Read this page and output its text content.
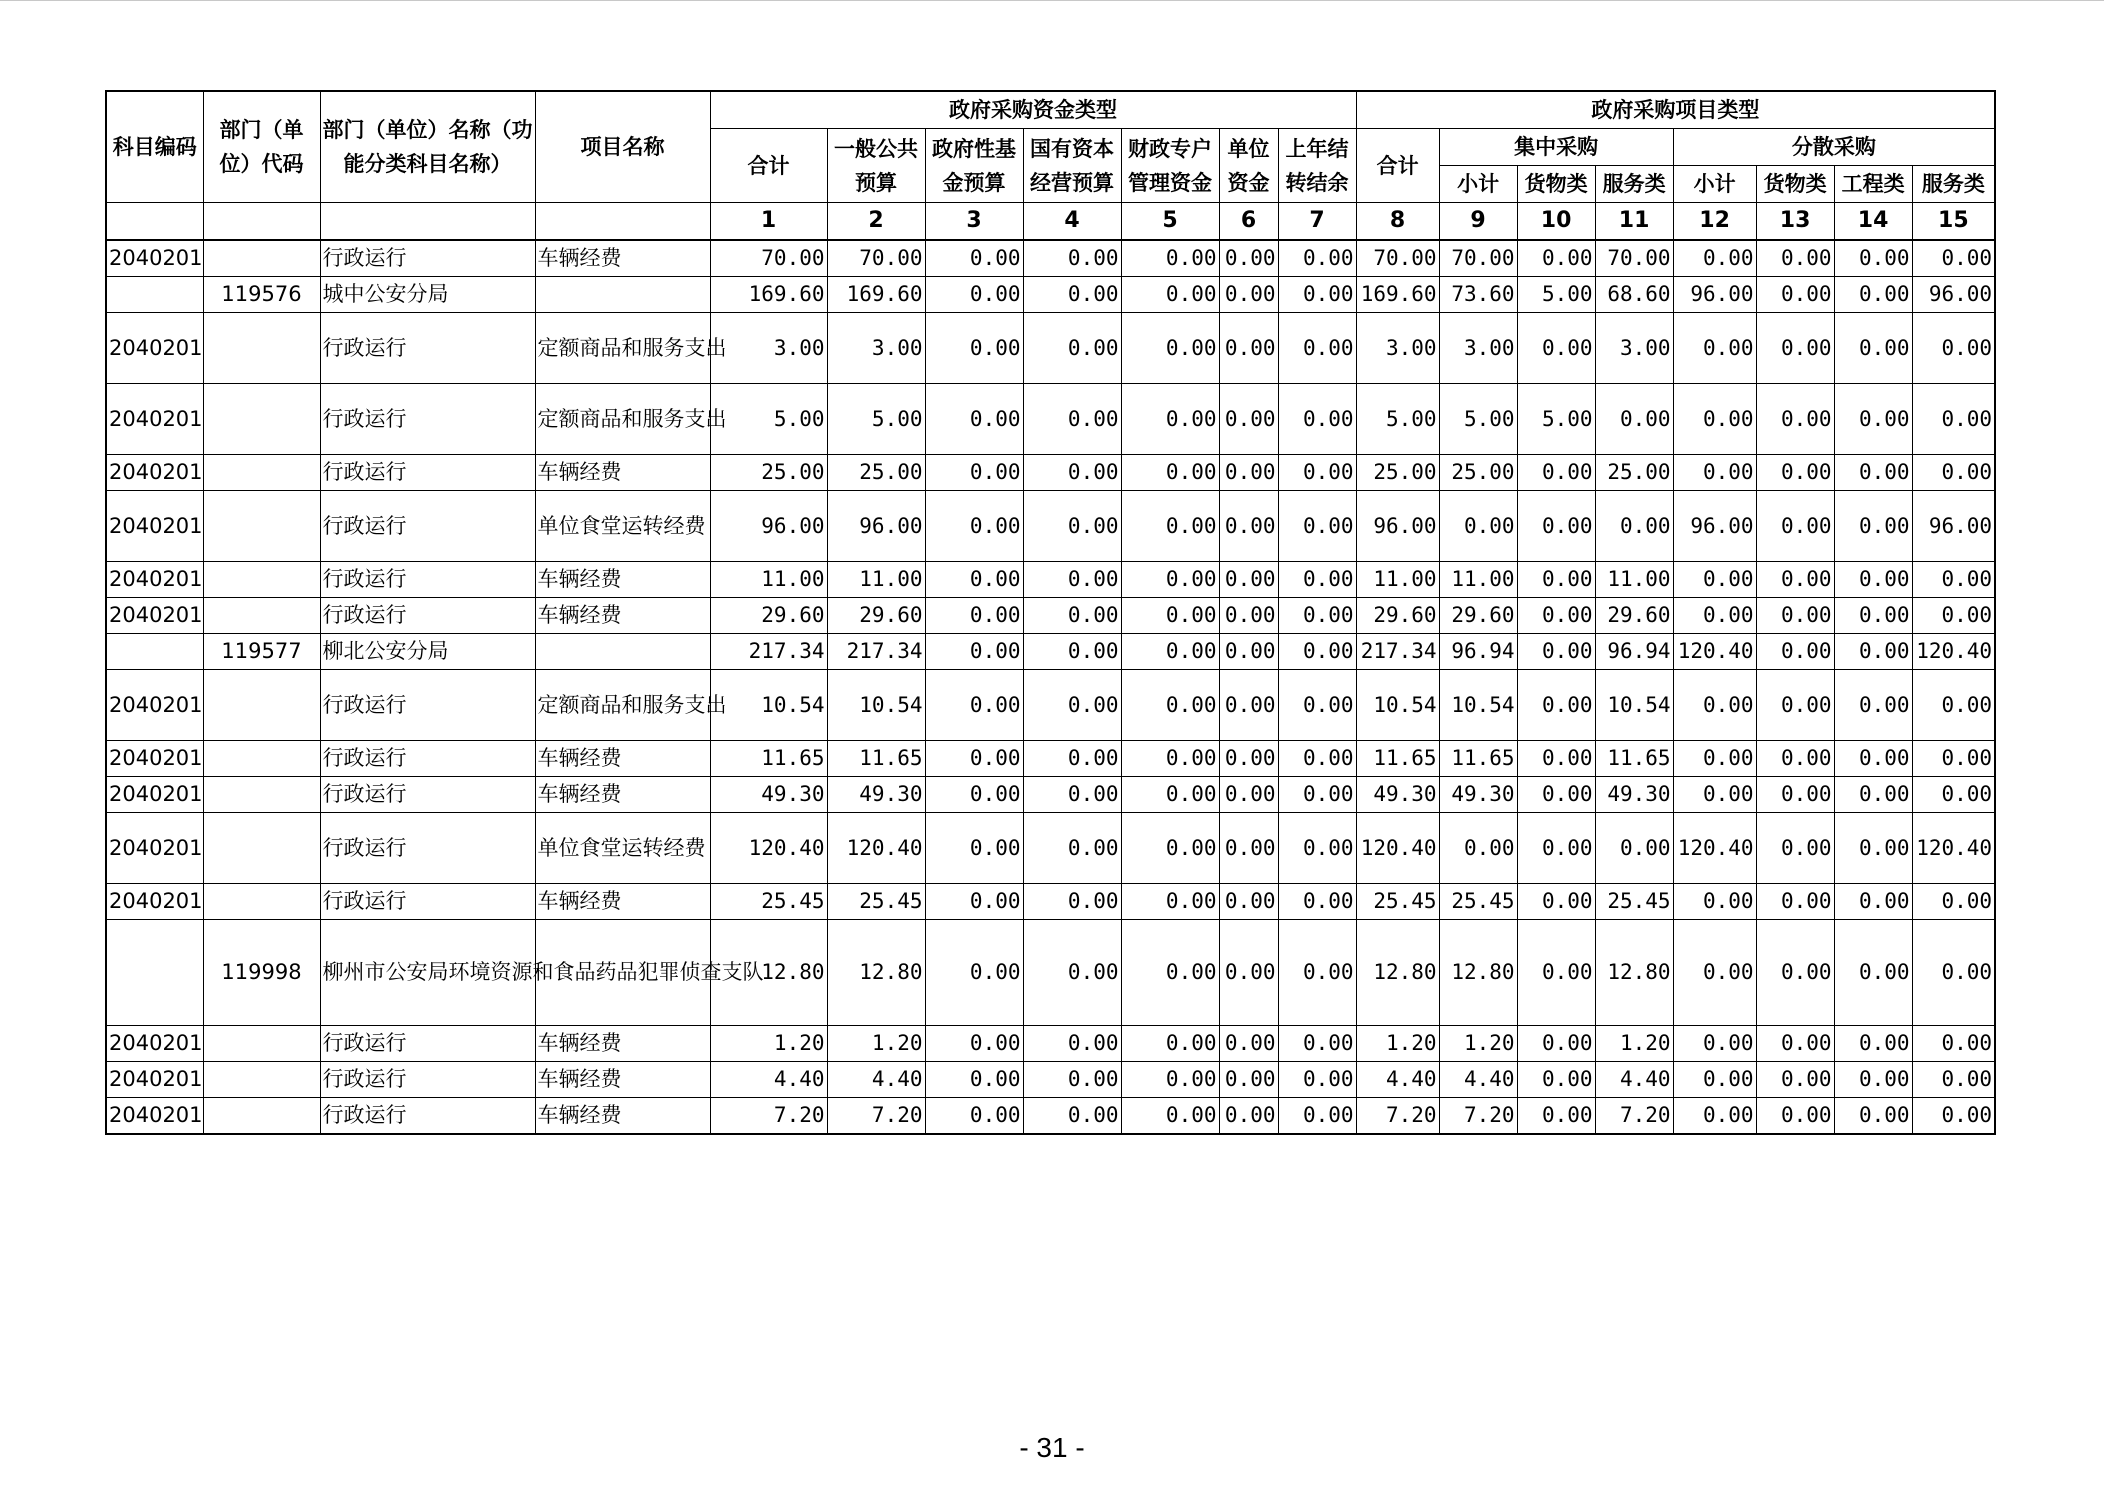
科目编码	部门（单位）代码	部门（单位）名称（功能分类科目名称）	项目名称	政府采购资金类型							政府采购项目类型							
				合计	一般公共预算	政府性基金预算	国有资本经营预算	财政专户管理资金	单位资金	上年结转结余	合计	集中采购			分散采购			
												小计	货物类	服务类	小计	货物类	工程类	服务类
				1	2	3	4	5	6	7	8	9	10	11	12	13	14	15
2040201		行政运行	车辆经费	70.00	70.00	0.00	0.00	0.00	0.00	0.00	70.00	70.00	0.00	70.00	0.00	0.00	0.00	0.00
	119576	城中公安分局		169.60	169.60	0.00	0.00	0.00	0.00	0.00	169.60	73.60	5.00	68.60	96.00	0.00	0.00	96.00
2040201		行政运行	定额商品和服务支出	3.00	3.00	0.00	0.00	0.00	0.00	0.00	3.00	3.00	0.00	3.00	0.00	0.00	0.00	0.00
2040201		行政运行	定额商品和服务支出	5.00	5.00	0.00	0.00	0.00	0.00	0.00	5.00	5.00	5.00	0.00	0.00	0.00	0.00	0.00
2040201		行政运行	车辆经费	25.00	25.00	0.00	0.00	0.00	0.00	0.00	25.00	25.00	0.00	25.00	0.00	0.00	0.00	0.00
2040201		行政运行	单位食堂运转经费	96.00	96.00	0.00	0.00	0.00	0.00	0.00	96.00	0.00	0.00	0.00	96.00	0.00	0.00	96.00
2040201		行政运行	车辆经费	11.00	11.00	0.00	0.00	0.00	0.00	0.00	11.00	11.00	0.00	11.00	0.00	0.00	0.00	0.00
2040201		行政运行	车辆经费	29.60	29.60	0.00	0.00	0.00	0.00	0.00	29.60	29.60	0.00	29.60	0.00	0.00	0.00	0.00
	119577	柳北公安分局		217.34	217.34	0.00	0.00	0.00	0.00	0.00	217.34	96.94	0.00	96.94	120.40	0.00	0.00	120.40
2040201		行政运行	定额商品和服务支出	10.54	10.54	0.00	0.00	0.00	0.00	0.00	10.54	10.54	0.00	10.54	0.00	0.00	0.00	0.00
2040201		行政运行	车辆经费	11.65	11.65	0.00	0.00	0.00	0.00	0.00	11.65	11.65	0.00	11.65	0.00	0.00	0.00	0.00
2040201		行政运行	车辆经费	49.30	49.30	0.00	0.00	0.00	0.00	0.00	49.30	49.30	0.00	49.30	0.00	0.00	0.00	0.00
2040201		行政运行	单位食堂运转经费	120.40	120.40	0.00	0.00	0.00	0.00	0.00	120.40	0.00	0.00	0.00	120.40	0.00	0.00	120.40
2040201		行政运行	车辆经费	25.45	25.45	0.00	0.00	0.00	0.00	0.00	25.45	25.45	0.00	25.45	0.00	0.00	0.00	0.00
	119998	柳州市公安局环境资源和食品药品犯罪侦查支队		12.80	12.80	0.00	0.00	0.00	0.00	0.00	12.80	12.80	0.00	12.80	0.00	0.00	0.00	0.00
2040201		行政运行	车辆经费	1.20	1.20	0.00	0.00	0.00	0.00	0.00	1.20	1.20	0.00	1.20	0.00	0.00	0.00	0.00
2040201		行政运行	车辆经费	4.40	4.40	0.00	0.00	0.00	0.00	0.00	4.40	4.40	0.00	4.40	0.00	0.00	0.00	0.00
2040201		行政运行	车辆经费	7.20	7.20	0.00	0.00	0.00	0.00	0.00	7.20	7.20	0.00	7.20	0.00	0.00	0.00	0.00
- 31 -
